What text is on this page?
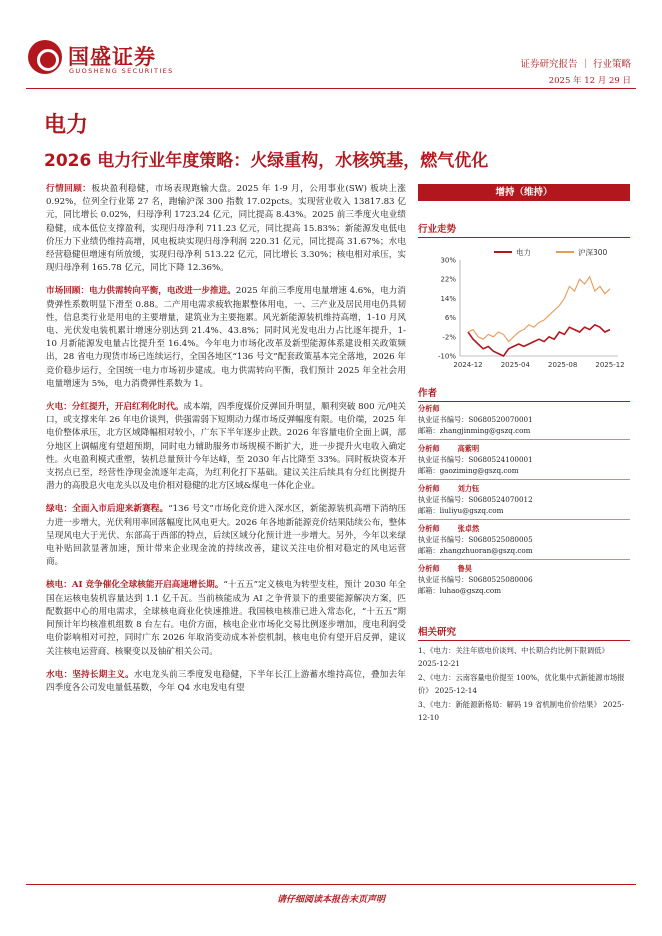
国盛证券
GUOSHENG SECURITIES
证券研究报告 ｜ 行业策略
2025 年 12 月 29 日
电力
2026 电力行业年度策略：火绿重构，水核筑基，燃气优化

行情回顾：板块盈利稳健，市场表现跑输大盘。2025 年 1-9 月，公用事业(SW) 板块上涨 0.92%，位列全行业第 27 名，跑输沪深 300 指数 17.02pcts。实现营业收入 13817.83 亿元，同比增长 0.02%，归母净利 1723.24 亿元，同比提高 8.43%。2025 前三季度火电业绩稳健，成本低位支撑盈利，实现归母净利 711.23 亿元，同比提高 15.83%；新能源发电低电价压力下业绩仍维持高增，风电板块实现归母净利润 220.31 亿元，同比提高 31.67%；水电经营稳健但增速有所放缓，实现归母净利 513.22 亿元，同比增长 3.30%；核电相对承压，实现归母净利 165.78 亿元，同比下降 12.36%。

市场回顾：电力供需转向平衡，电改进一步推进。2025 年前三季度用电量增速 4.6%，电力消费弹性系数明显下滑至 0.88。二产用电需求疲软拖累整体用电，一、三产业及居民用电仍具韧性，信息类行业是用电的主要增量，建筑业为主要拖累。风光新能源装机维持高增，1-10 月风电、光伏发电装机累计增速分别达到 21.4%、43.8%；同时风光发电出力占比逐年提升，1-10 月新能源发电量占比提升至 16.4%。今年电力市场化改革及新型能源体系建设相关政策频出，28 省电力现货市场已连续运行，全国各地区“136 号文”配套政策基本完全落地，2026 年竞价稳步运行，全国统一电力市场初步建成。电力供需转向平衡，我们预计 2025 年全社会用电量增速为 5%，电力消费弹性系数为 1。

火电：分红提升，开启红利化时代。成本端，四季度煤价反弹回升明显，顺利突破 800 元/吨关口，或支撑来年 26 年电价谈判，供强需弱下短期动力煤市场反弹幅度有限。电价端，2025 年电价整体承压，北方区域降幅相对较小，广东下半年逐步止跌。2026 年容量电价全面上调，部分地区上调幅度有望超预期，同时电力辅助服务市场规模不断扩大，进一步提升火电收入确定性。火电盈利模式重塑，装机总量预计今年达峰，至 2030 年占比降至 33%。同时板块资本开支拐点已至，经营性净现金流逐年走高，为红利化打下基础。建议关注后续具有分红比例提升潜力的高股息火电龙头以及电价相对稳健的北方区域&煤电一体化企业。

绿电：全面入市后迎来新赛程。“136 号文”市场化竞价进入深水区，新能源装机高增下消纳压力进一步增大，光伏利用率回落幅度比风电更大。2026 年各地新能源竞价结果陆续公布，整体呈现风电大于光伏、东部高于西部的特点，后续区域分化预计进一步增大。另外，今年以来绿电补贴回款显著加速，预计带来企业现金流的持续改善，建议关注电价相对稳定的风电运营商。

核电：AI 竞争催化全球核能开启高速增长期。“十五五”定义核电为转型支柱，预计 2030 年全国在运核电装机容量达到 1.1 亿千瓦。当前核能成为 AI 之争背景下的重要能源解决方案，匹配数据中心的用电需求，全球核电商业化快速推进。我国核电核准已进入常态化，“十五五”期间预计年均核准机组数 8 台左右。电价方面，核电企业市场化交易比例逐步增加，度电利润受电价影响相对可控，同时广东 2026 年取消变动成本补偿机制，核电电价有望开启反弹，建议关注核电运营商、核聚变以及铀矿相关公司。

水电：坚持长期主义。水电龙头前三季度发电稳健，下半年长江上游蓄水维持高位，叠加去年四季度各公司发电量低基数，今年 Q4 水电发电有望

增持（维持）
行业走势
电力	沪深300
30%
22%
14%
6%
-2%
-10%
2024-12	2025-04	2025-08	2025-12
作者
分析师
执业证书编号：S0680520070001
邮箱：zhangjinming@gszq.com
分析师	高紫明
执业证书编号：S0680524100001
邮箱：gaoziming@gszq.com
分析师	刘力钰
执业证书编号：S0680524070012
邮箱：liuliyu@gszq.com
分析师	张卓然
执业证书编号：S0680525080005
邮箱：zhangzhuoran@gszq.com
分析师	鲁昊
执业证书编号：S0680525080006
邮箱：luhao@gszq.com
相关研究
1、《电力：关注年底电价谈判、中长期合约比例下限调低》 2025-12-21
2、《电力：云南容量电价提至 100%，优化集中式新能源市场报价》 2025-12-14
3、《电力：新能源新格局：解码 19 省机制电价价结果》 2025-12-10
请仔细阅读本报告末页声明
